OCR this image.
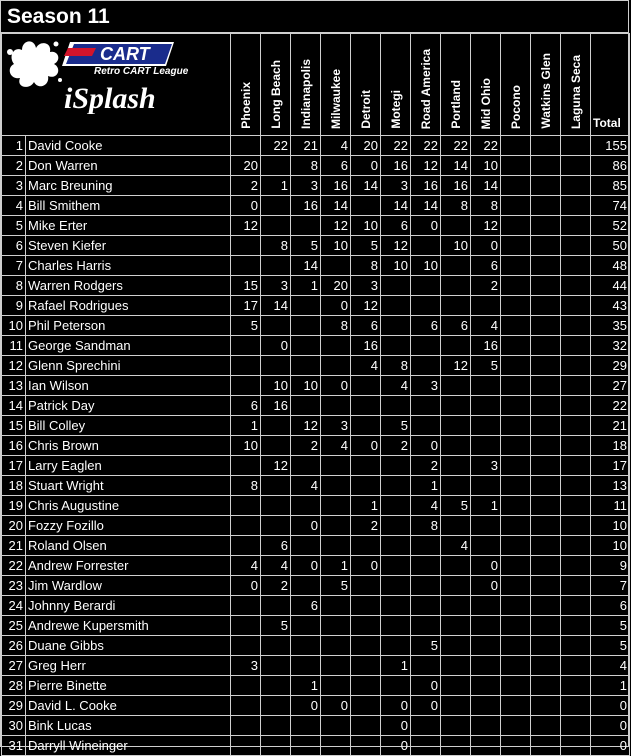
Season 11
CART
Retro CART League
iSplash		Phoenix	Long Beach	Indianapolis	Milwaukee	Detroit	Motegi	Road America	Portland	Mid Ohio	Pocono	Watkins Glen	Laguna Seca	Total
1	David Cooke		22	21	4	20	22	22	22	22				155
2	Don Warren	20		8	6	0	16	12	14	10				86
3	Marc Breuning	2	1	3	16	14	3	16	16	14				85
4	Bill Smithem	0		16	14		14	14	8	8				74
5	Mike Erter	12			12	10	6	0		12				52
6	Steven Kiefer		8	5	10	5	12		10	0				50
7	Charles Harris			14		8	10	10		6				48
8	Warren Rodgers	15	3	1	20	3				2				44
9	Rafael Rodrigues	17	14		0	12								43
10	Phil Peterson	5			8	6		6	6	4				35
11	George Sandman		0			16				16				32
12	Glenn Sprechini					4	8		12	5				29
13	Ian Wilson		10	10	0		4	3						27
14	Patrick Day	6	16											22
15	Bill Colley	1		12	3		5							21
16	Chris Brown	10		2	4	0	2	0						18
17	Larry Eaglen		12					2		3				17
18	Stuart Wright	8		4				1						13
19	Chris Augustine					1		4	5	1				11
20	Fozzy Fozillo			0		2		8						10
21	Roland Olsen		6						4					10
22	Andrew Forrester	4	4	0	1	0				0				9
23	Jim Wardlow	0	2		5					0				7
24	Johnny Berardi			6										6
25	Andrewe Kupersmith		5											5
26	Duane Gibbs							5						5
27	Greg Herr	3					1							4
28	Pierre Binette			1				0						1
29	David L. Cooke			0	0		0	0						0
30	Bink Lucas						0							0
31	Darryll Wineinger						0							0
